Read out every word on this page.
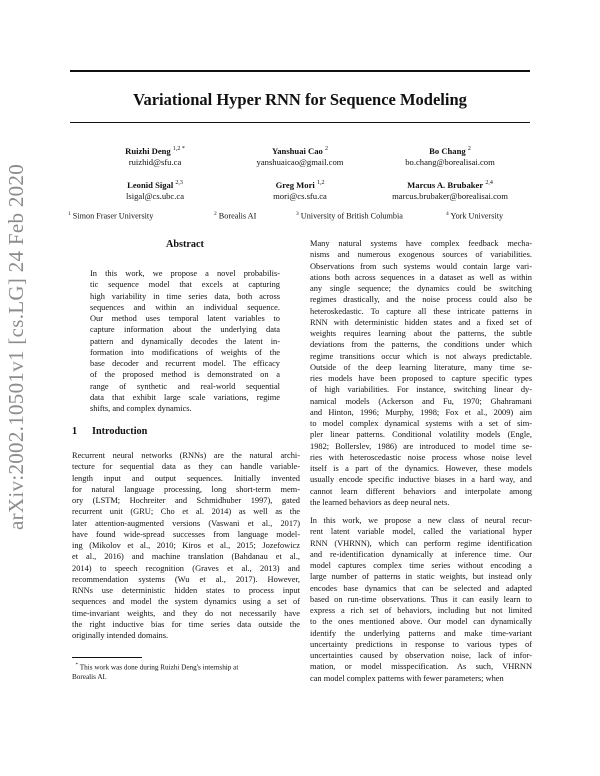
Variational Hyper RNN for Sequence Modeling
arXiv:2002.10501v1 [cs.LG] 24 Feb 2020
Ruizhi Deng $^{1,2 *}$
ruizhid@sfu.ca
Yanshuai Cao $^2$
yanshuaicao@gmail.com
Bo Chang $^2$
bo.chang@borealisai.com
Leonid Sigal $^{2,3}$
lsigal@cs.ubc.ca
Greg Mori $^{1,2}$
mori@cs.sfu.ca
Marcus A. Brubaker $^{2,4}$
marcus.brubaker@borealisai.com
$^1$ Simon Fraser University	$^2$ Borealis AI	$^3$ University of British Columbia	$^4$ York University
Abstract
In this work, we propose a novel probabilis-
tic sequence model that excels at capturing
high variability in time series data, both across
sequences and within an individual sequence.
Our method uses temporal latent variables to
capture information about the underlying data
pattern and dynamically decodes the latent in-
formation into modifications of weights of the
base decoder and recurrent model. The efficacy
of the proposed method is demonstrated on a
range of synthetic and real-world sequential
data that exhibit large scale variations, regime
shifts, and complex dynamics.
1 Introduction
Recurrent neural networks (RNNs) are the natural archi-
tecture for sequential data as they can handle variable-
length input and output sequences. Initially invented
for natural language processing, long short-term mem-
ory (LSTM; Hochreiter and Schmidhuber 1997), gated
recurrent unit (GRU; Cho et al. 2014) as well as the
later attention-augmented versions (Vaswani et al., 2017)
have found wide-spread successes from language model-
ing (Mikolov et al., 2010; Kiros et al., 2015; Jozefowicz
et al., 2016) and machine translation (Bahdanau et al.,
2014) to speech recognition (Graves et al., 2013) and
recommendation systems (Wu et al., 2017). However,
RNNs use deterministic hidden states to process input
sequences and model the system dynamics using a set of
time-invariant weights, and they do not necessarily have
the right inductive bias for time series data outside the
originally intended domains.
* This work was done during Ruizhi Deng's internship at
Borealis AI.
Many natural systems have complex feedback mecha-
nisms and numerous exogenous sources of variabilities.
Observations from such systems would contain large vari-
ations both across sequences in a dataset as well as within
any single sequence; the dynamics could be switching
regimes drastically, and the noise process could also be
heteroskedastic. To capture all these intricate patterns in
RNN with deterministic hidden states and a fixed set of
weights requires learning about the patterns, the subtle
deviations from the patterns, the conditions under which
regime transitions occur which is not always predictable.
Outside of the deep learning literature, many time se-
ries models have been proposed to capture specific types
of high variabilities. For instance, switching linear dy-
namical models (Ackerson and Fu, 1970; Ghahramani
and Hinton, 1996; Murphy, 1998; Fox et al., 2009) aim
to model complex dynamical systems with a set of sim-
pler linear patterns. Conditional volatility models (Engle,
1982; Bollerslev, 1986) are introduced to model time se-
ries with heteroscedastic noise process whose noise level
itself is a part of the dynamics. However, these models
usually encode specific inductive biases in a hard way, and
cannot learn different behaviors and interpolate among
the learned behaviors as deep neural nets.
In this work, we propose a new class of neural recur-
rent latent variable model, called the variational hyper
RNN (VHRNN), which can perform regime identification
and re-identification dynamically at inference time. Our
model captures complex time series without encoding a
large number of patterns in static weights, but instead only
encodes base dynamics that can be selected and adapted
based on run-time observations. Thus it can easily learn to
express a rich set of behaviors, including but not limited
to the ones mentioned above. Our model can dynamically
identify the underlying patterns and make time-variant
uncertainty predictions in response to various types of
uncertainties caused by observation noise, lack of infor-
mation, or model misspecification. As such, VHRNN
can model complex patterns with fewer parameters; when
